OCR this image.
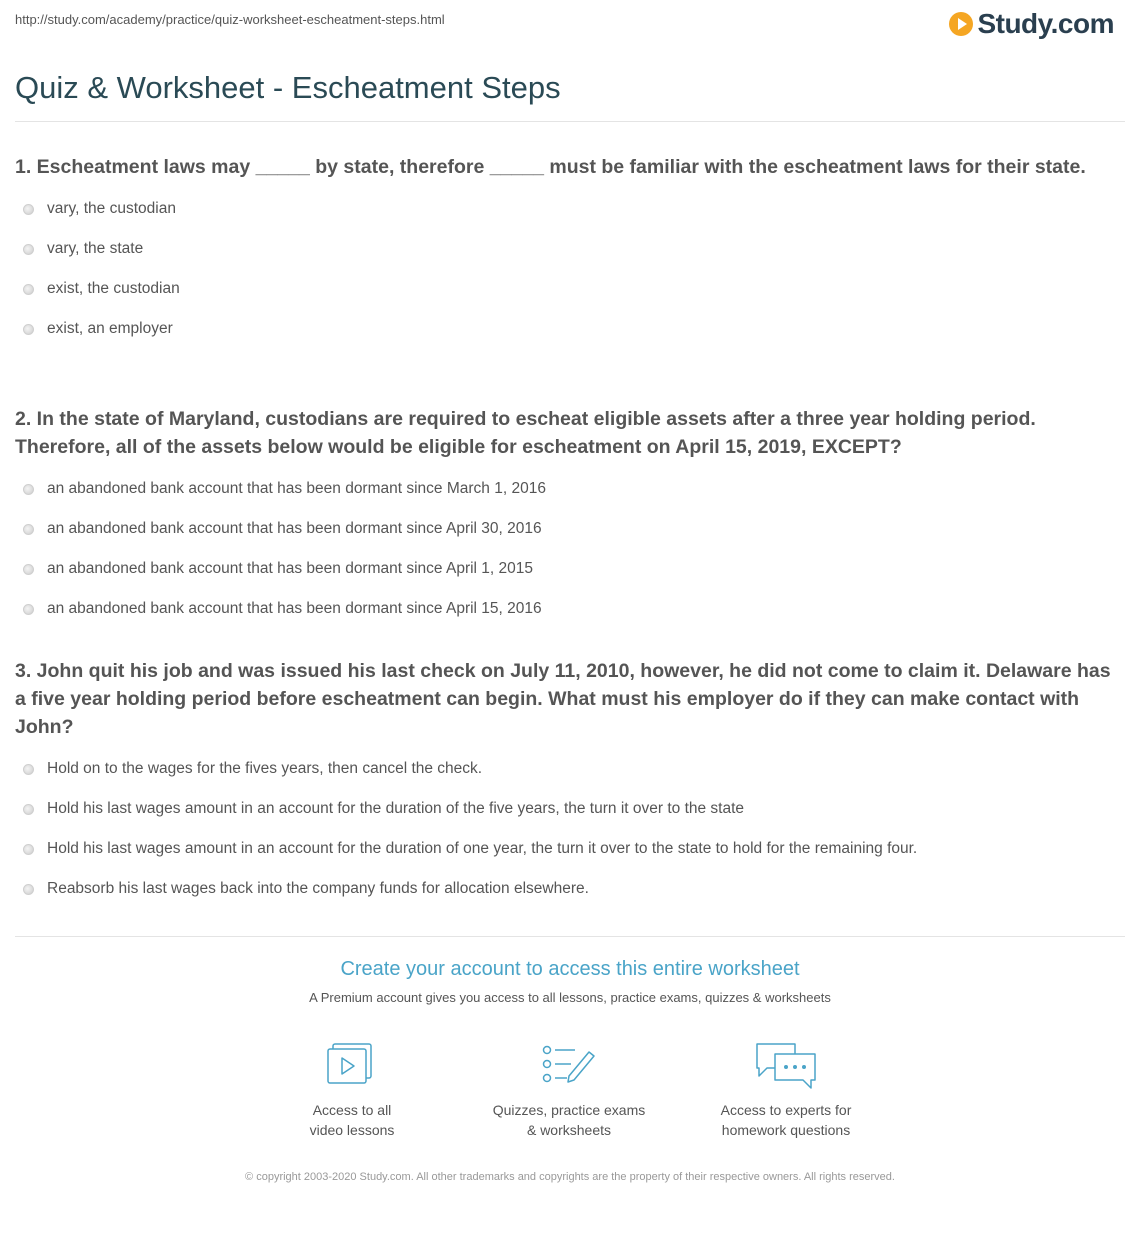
http://study.com/academy/practice/quiz-worksheet-escheatment-steps.html	Study.com
Quiz & Worksheet - Escheatment Steps

1. Escheatment laws may _____ by state, therefore _____ must be familiar with the escheatment laws for their state.

vary, the custodian
vary, the state
exist, the custodian
exist, an employer

2. In the state of Maryland, custodians are required to escheat eligible assets after a three year holding period. Therefore, all of the assets below would be eligible for escheatment on April 15, 2019, EXCEPT?

an abandoned bank account that has been dormant since March 1, 2016
an abandoned bank account that has been dormant since April 30, 2016
an abandoned bank account that has been dormant since April 1, 2015
an abandoned bank account that has been dormant since April 15, 2016

3. John quit his job and was issued his last check on July 11, 2010, however, he did not come to claim it. Delaware has a five year holding period before escheatment can begin. What must his employer do if they can make contact with John?

Hold on to the wages for the fives years, then cancel the check.
Hold his last wages amount in an account for the duration of the five years, the turn it over to the state
Hold his last wages amount in an account for the duration of one year, the turn it over to the state to hold for the remaining four.
Reabsorb his last wages back into the company funds for allocation elsewhere.
Create your account to access this entire worksheet
A Premium account gives you access to all lessons, practice exams, quizzes & worksheets
Access to all
video lessons
Quizzes, practice exams
& worksheets
Access to experts for
homework questions
© copyright 2003-2020 Study.com. All other trademarks and copyrights are the property of their respective owners. All rights reserved.
